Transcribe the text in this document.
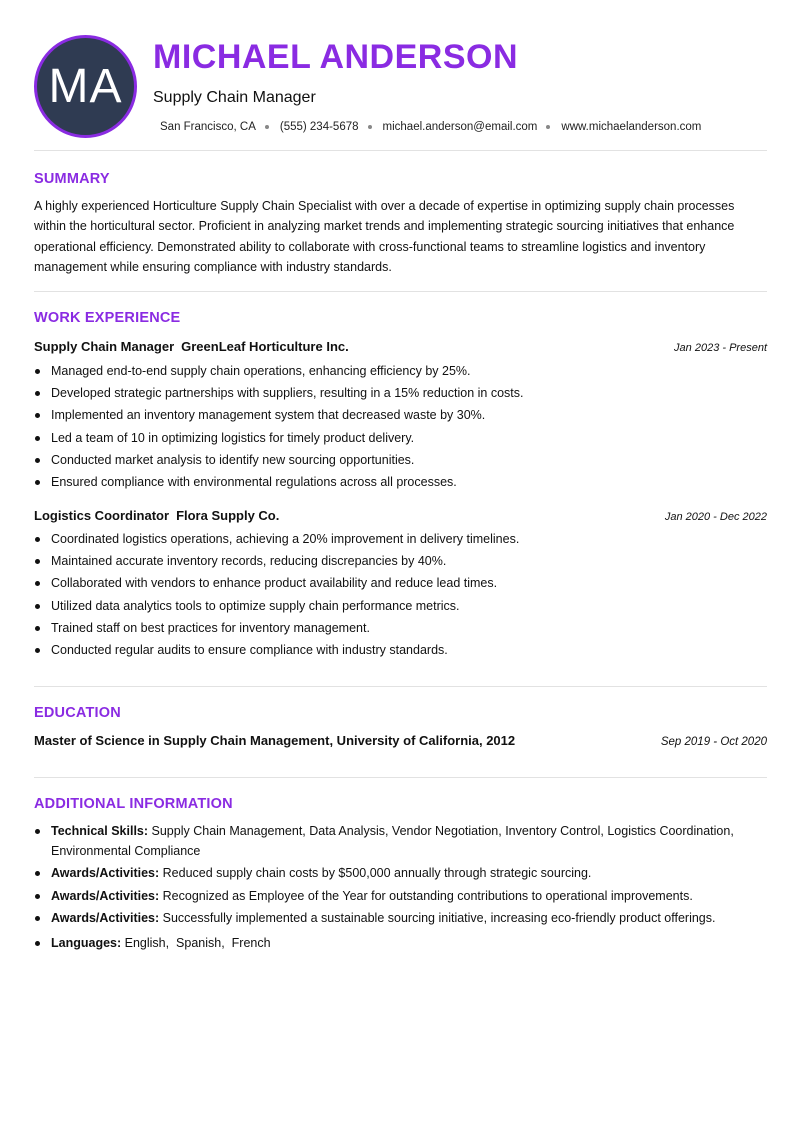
MA
MICHAEL ANDERSON
Supply Chain Manager
San Francisco, CA (555) 234-5678 michael.anderson@email.com www.michaelanderson.com
SUMMARY

A highly experienced Horticulture Supply Chain Specialist with over a decade of expertise in optimizing supply chain processes within the horticultural sector. Proficient in analyzing market trends and implementing strategic sourcing initiatives that enhance operational efficiency. Demonstrated ability to collaborate with cross-functional teams to streamline logistics and inventory management while ensuring compliance with industry standards.

WORK EXPERIENCE
Supply Chain Manager GreenLeaf Horticulture Inc.	Jan 2023 - Present
Managed end-to-end supply chain operations, enhancing efficiency by 25%.
Developed strategic partnerships with suppliers, resulting in a 15% reduction in costs.
Implemented an inventory management system that decreased waste by 30%.
Led a team of 10 in optimizing logistics for timely product delivery.
Conducted market analysis to identify new sourcing opportunities.
Ensured compliance with environmental regulations across all processes.
Logistics Coordinator Flora Supply Co.	Jan 2020 - Dec 2022
Coordinated logistics operations, achieving a 20% improvement in delivery timelines.
Maintained accurate inventory records, reducing discrepancies by 40%.
Collaborated with vendors to enhance product availability and reduce lead times.
Utilized data analytics tools to optimize supply chain performance metrics.
Trained staff on best practices for inventory management.
Conducted regular audits to ensure compliance with industry standards.
EDUCATION
Master of Science in Supply Chain Management, University of California, 2012	Sep 2019 - Oct 2020
ADDITIONAL INFORMATION
Technical Skills: Supply Chain Management, Data Analysis, Vendor Negotiation, Inventory Control, Logistics Coordination, Environmental Compliance
Awards/Activities: Reduced supply chain costs by $500,000 annually through strategic sourcing.
Awards/Activities: Recognized as Employee of the Year for outstanding contributions to operational improvements.
Awards/Activities: Successfully implemented a sustainable sourcing initiative, increasing eco-friendly product offerings.
Languages: English,  Spanish,  French
